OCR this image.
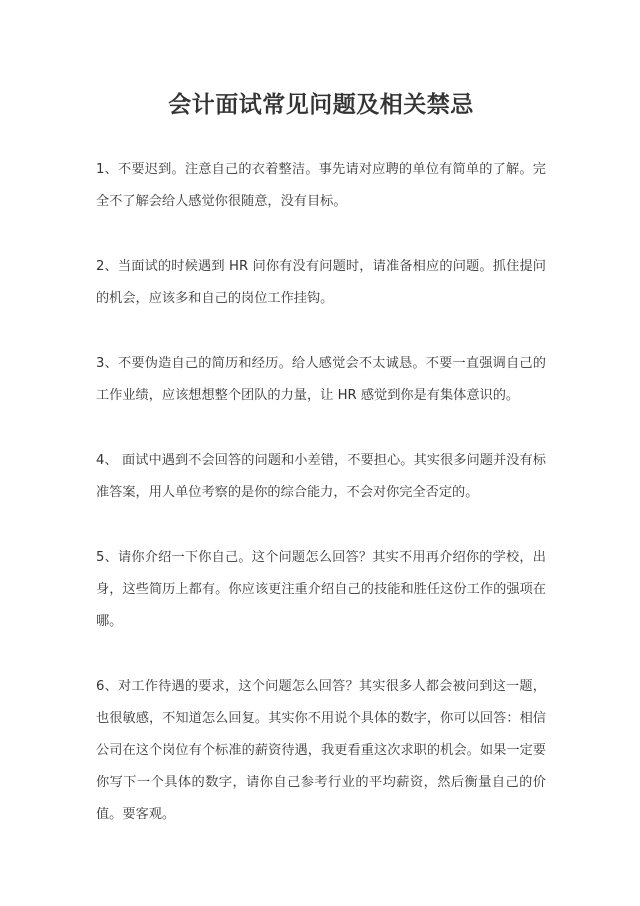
会计面试常见问题及相关禁忌

1、不要迟到。注意自己的衣着整洁。事先请对应聘的单位有简单的了解。完全不了解会给人感觉你很随意，没有目标。

2、当面试的时候遇到 HR 问你有没有问题时，请准备相应的问题。抓住提问的机会，应该多和自己的岗位工作挂钩。

3、不要伪造自己的简历和经历。给人感觉会不太诚恳。不要一直强调自己的工作业绩，应该想想整个团队的力量，让 HR 感觉到你是有集体意识的。

4、 面试中遇到不会回答的问题和小差错，不要担心。其实很多问题并没有标准答案，用人单位考察的是你的综合能力，不会对你完全否定的。

5、请你介绍一下你自己。这个问题怎么回答？其实不用再介绍你的学校，出身，这些简历上都有。你应该更注重介绍自己的技能和胜任这份工作的强项在哪。

6、对工作待遇的要求，这个问题怎么回答？其实很多人都会被问到这一题，也很敏感，不知道怎么回复。其实你不用说个具体的数字，你可以回答：相信公司在这个岗位有个标准的薪资待遇，我更看重这次求职的机会。如果一定要你写下一个具体的数字，请你自己参考行业的平均薪资，然后衡量自己的价值。要客观。
